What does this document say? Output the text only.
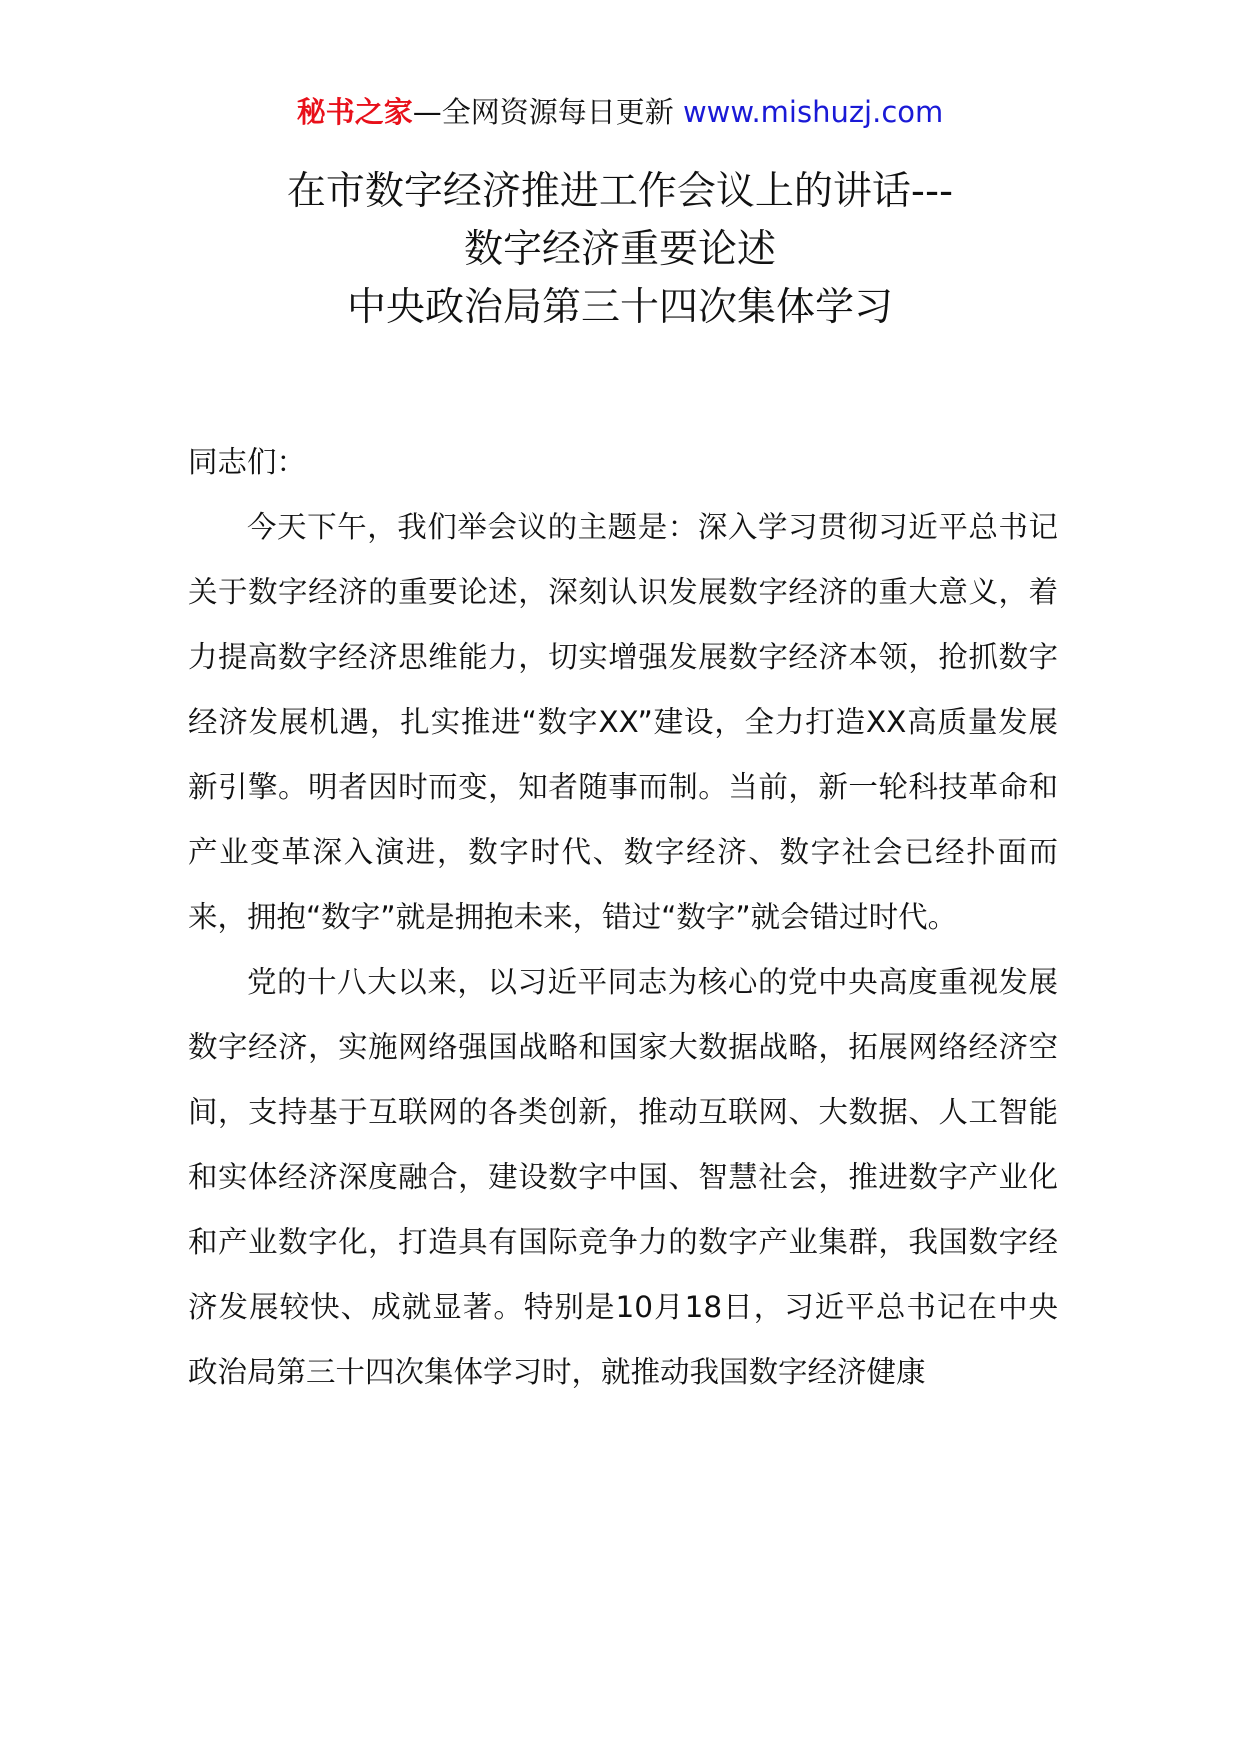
秘书之家—全网资源每日更新 www.mishuzj.com
在市数字经济推进工作会议上的讲话---
数字经济重要论述
中央政治局第三十四次集体学习

同志们：

今天下午，我们举会议的主题是：深入学习贯彻习近平总书记关于数字经济的重要论述，深刻认识发展数字经济的重大意义，着力提高数字经济思维能力，切实增强发展数字经济本领，抢抓数字经济发展机遇，扎实推进“数字XX”建设，全力打造XX高质量发展新引擎。明者因时而变，知者随事而制。当前，新一轮科技革命和产业变革深入演进，数字时代、数字经济、数字社会已经扑面而来，拥抱“数字”就是拥抱未来，错过“数字”就会错过时代。

党的十八大以来，以习近平同志为核心的党中央高度重视发展数字经济，实施网络强国战略和国家大数据战略，拓展网络经济空间，支持基于互联网的各类创新，推动互联网、大数据、人工智能和实体经济深度融合，建设数字中国、智慧社会，推进数字产业化和产业数字化，打造具有国际竞争力的数字产业集群，我国数字经济发展较快、成就显著。特别是10月18日，习近平总书记在中央政治局第三十四次集体学习时，就推动我国数字经济健康
